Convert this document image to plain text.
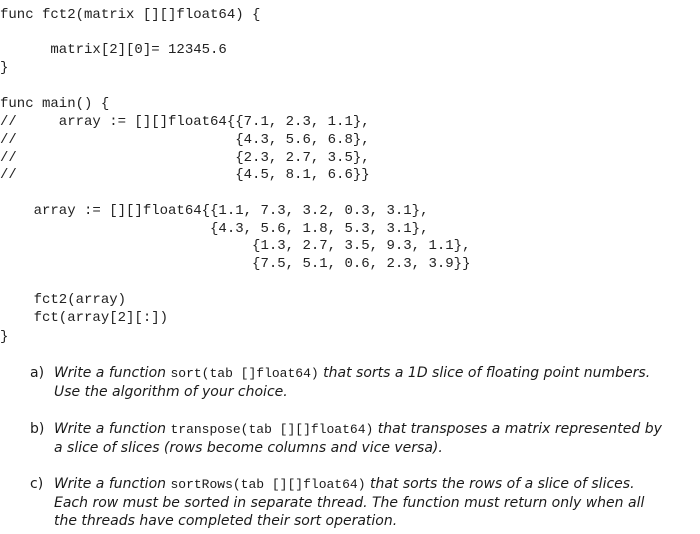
func fct2(matrix [][]float64) {
matrix[2][0]= 12345.6
}
func main() {
//     array := [][]float64{{7.1, 2.3, 1.1},
//                          {4.3, 5.6, 6.8},
//                          {2.3, 2.7, 3.5},
//                          {4.5, 8.1, 6.6}}
array := [][]float64{{1.1, 7.3, 3.2, 0.3, 3.1},
{4.3, 5.6, 1.8, 5.3, 3.1},
{1.3, 2.7, 3.5, 9.3, 1.1},
{7.5, 5.1, 0.6, 2.3, 3.9}}
fct2(array)
fct(array[2][:])
}
a) Write a function sort(tab []float64) that sorts a 1D slice of floating point numbers. Use the algorithm of your choice.
b) Write a function transpose(tab [][]float64) that transposes a matrix represented by a slice of slices (rows become columns and vice versa).
c) Write a function sortRows(tab [][]float64) that sorts the rows of a slice of slices. Each row must be sorted in separate thread. The function must return only when all the threads have completed their sort operation.
